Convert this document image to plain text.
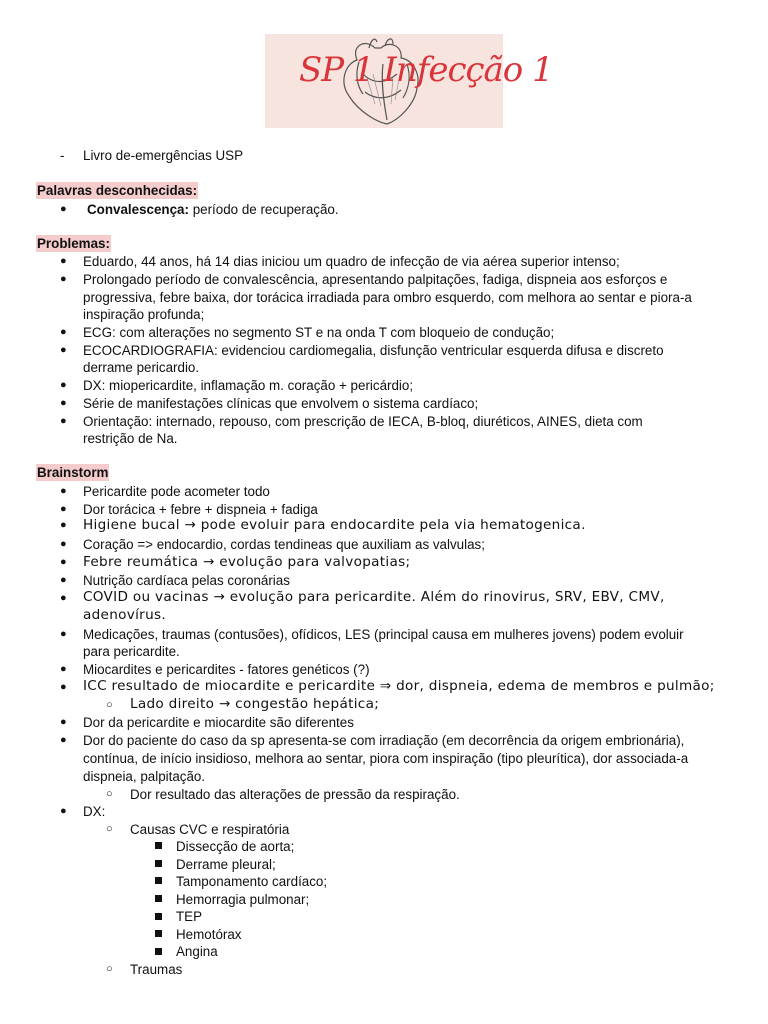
SP 1 Infecção 1
- Livro de-emergências USP
Palavras desconhecidas:
● Convalescença: período de recuperação.
Problemas:
● Eduardo, 44 anos, há 14 dias iniciou um quadro de infecção de via aérea superior intenso;
● Prolongado período de convalescência, apresentando palpitações, fadiga, dispneia aos esforços e
progressiva, febre baixa, dor torácica irradiada para ombro esquerdo, com melhora ao sentar e piora-a
inspiração profunda;
● ECG: com alterações no segmento ST e na onda T com bloqueio de condução;
● ECOCARDIOGRAFIA: evidenciou cardiomegalia, disfunção ventricular esquerda difusa e discreto
derrame pericardio.
● DX: miopericardite, inflamação m. coração + pericárdio;
● Série de manifestações clínicas que envolvem o sistema cardíaco;
● Orientação: internado, repouso, com prescrição de IECA, B-bloq, diuréticos, AINES, dieta com
restrição de Na.
Brainstorm
● Pericardite pode acometer todo
● Dor torácica + febre + dispneia + fadiga
● Higiene bucal → pode evoluir para endocardite pela via hematogenica.
● Coração => endocardio, cordas tendineas que auxiliam as valvulas;
● Febre reumática → evolução para valvopatias;
● Nutrição cardíaca pelas coronárias
● COVID ou vacinas → evolução para pericardite. Além do rinovirus, SRV, EBV, CMV,
adenovírus.
● Medicações, traumas (contusões), ofídicos, LES (principal causa em mulheres jovens) podem evoluir
para pericardite.
● Miocardites e pericardites - fatores genéticos (?)
● ICC resultado de miocardite e pericardite ⇒ dor, dispneia, edema de membros e pulmão;
○ Lado direito → congestão hepática;
● Dor da pericardite e miocardite são diferentes
● Dor do paciente do caso da sp apresenta-se com irradiação (em decorrência da origem embrionária),
contínua, de início insidioso, melhora ao sentar, piora com inspiração (tipo pleurítica), dor associada-a
dispneia, palpitação.
○ Dor resultado das alterações de pressão da respiração.
● DX:
○ Causas CVC e respiratória
Dissecção de aorta;
Derrame pleural;
Tamponamento cardíaco;
Hemorragia pulmonar;
TEP
Hemotórax
Angina
○ Traumas
